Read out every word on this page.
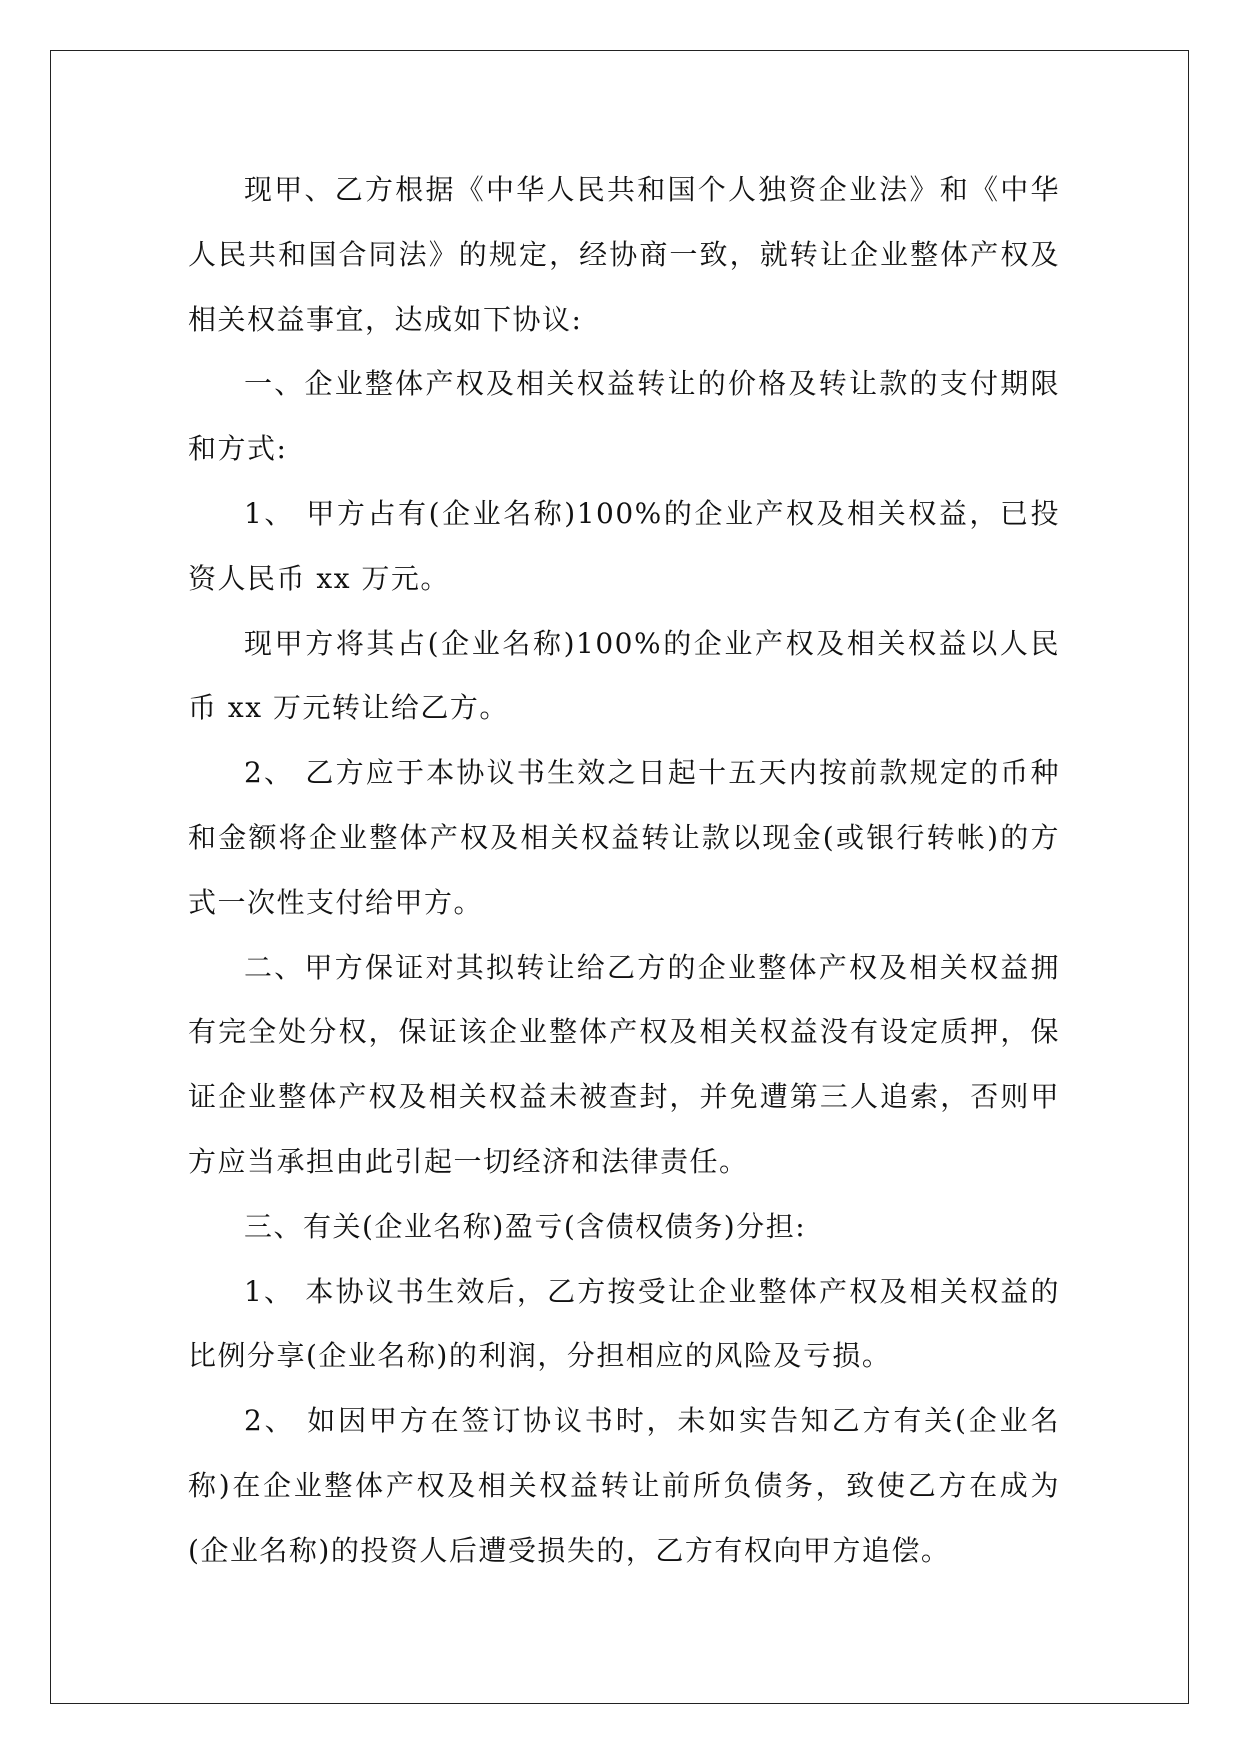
现甲、乙方根据《中华人民共和国个人独资企业法》和《中华人民共和国合同法》的规定，经协商一致，就转让企业整体产权及相关权益事宜，达成如下协议:

一、企业整体产权及相关权益转让的价格及转让款的支付期限和方式:

1、 甲方占有(企业名称)100%的企业产权及相关权益，已投资人民币 xx 万元。

现甲方将其占(企业名称)100%的企业产权及相关权益以人民币 xx 万元转让给乙方。

2、 乙方应于本协议书生效之日起十五天内按前款规定的币种和金额将企业整体产权及相关权益转让款以现金(或银行转帐)的方式一次性支付给甲方。

二、甲方保证对其拟转让给乙方的企业整体产权及相关权益拥有完全处分权，保证该企业整体产权及相关权益没有设定质押，保证企业整体产权及相关权益未被查封，并免遭第三人追索，否则甲方应当承担由此引起一切经济和法律责任。

三、有关(企业名称)盈亏(含债权债务)分担:

1、 本协议书生效后，乙方按受让企业整体产权及相关权益的比例分享(企业名称)的利润，分担相应的风险及亏损。

2、 如因甲方在签订协议书时，未如实告知乙方有关(企业名称)在企业整体产权及相关权益转让前所负债务，致使乙方在成为(企业名称)的投资人后遭受损失的，乙方有权向甲方追偿。
